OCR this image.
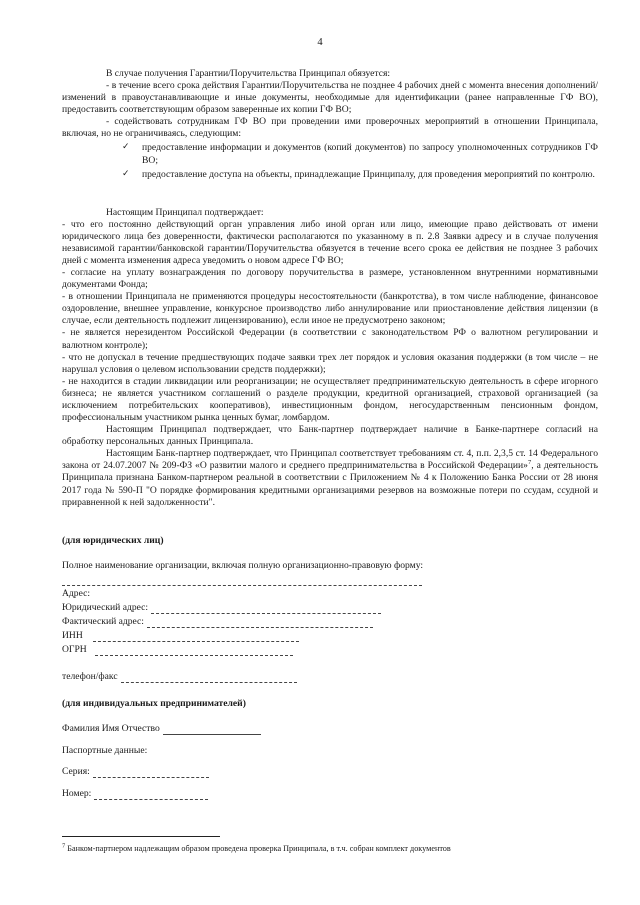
4

В случае получения Гарантии/Поручительства Принципал обязуется:

- в течение всего срока действия Гарантии/Поручительства не позднее 4 рабочих дней с момента внесения дополнений/изменений в правоустанавливающие и иные документы, необходимые для идентификации (ранее направленные ГФ ВО), предоставить соответствующим образом заверенные их копии ГФ ВО;

- содействовать сотрудникам ГФ ВО при проведении ими проверочных мероприятий в отношении Принципала, включая, но не ограничиваясь, следующим:

✓	предоставление информации и документов (копий документов) по запросу уполномоченных сотрудников ГФ ВО;
✓	предоставление доступа на объекты, принадлежащие Принципалу, для проведения мероприятий по контролю.

Настоящим Принципал подтверждает:

- что его постоянно действующий орган управления либо иной орган или лицо, имеющие право действовать от имени юридического лица без доверенности, фактически располагаются по указанному в п. 2.8 Заявки адресу и в случае получения независимой гарантии/банковской гарантии/Поручительства обязуется в течение всего срока ее действия не позднее 3 рабочих дней с момента изменения адреса уведомить о новом адресе ГФ ВО;

- согласие на уплату вознаграждения по договору поручительства в размере, установленном внутренними нормативными документами Фонда;

- в отношении Принципала не применяются процедуры несостоятельности (банкротства), в том числе наблюдение, финансовое оздоровление, внешнее управление, конкурсное производство либо аннулирование или приостановление действия лицензии (в случае, если деятельность подлежит лицензированию), если иное не предусмотрено законом;

- не является нерезидентом Российской Федерации (в соответствии с законодательством РФ о валютном регулировании и валютном контроле);

- что не допускал в течение предшествующих подаче заявки трех лет порядок и условия оказания поддержки (в том числе – не нарушал условия о целевом использовании средств поддержки);

- не находится в стадии ликвидации или реорганизации; не осуществляет предпринимательскую деятельность в сфере игорного бизнеса; не является участником соглашений о разделе продукции, кредитной организацией, страховой организацией (за исключением потребительских кооперативов), инвестиционным фондом, негосударственным пенсионным фондом, профессиональным участником рынка ценных бумаг, ломбардом.

Настоящим Принципал подтверждает, что Банк-партнер подтверждает наличие в Банке-партнере согласий на обработку персональных данных Принципала.

Настоящим Банк-партнер подтверждает, что Принципал соответствует требованиям ст. 4, п.п. 2,3,5 ст. 14 Федерального закона от 24.07.2007 № 209-ФЗ «О развитии малого и среднего предпринимательства в Российской Федерации»$^7$, а деятельность Принципала признана Банком-партнером реальной в соответствии с Приложением № 4 к Положению Банка России от 28 июня 2017 года № 590-П "О порядке формирования кредитными организациями резервов на возможные потери по ссудам, ссудной и приравненной к ней задолженности".

(для юридических лиц)

Полное наименование организации, включая полную организационно-правовую форму:

Адрес:
Юридический адрес:
Фактический адрес:
ИНН
ОГРН
телефон/факс

(для индивидуальных предпринимателей)

Фамилия Имя Отчество

Паспортные данные:

Серия:
Номер:
$^7$ Банком-партнером надлежащим образом проведена проверка Принципала, в т.ч. собран комплект документов
